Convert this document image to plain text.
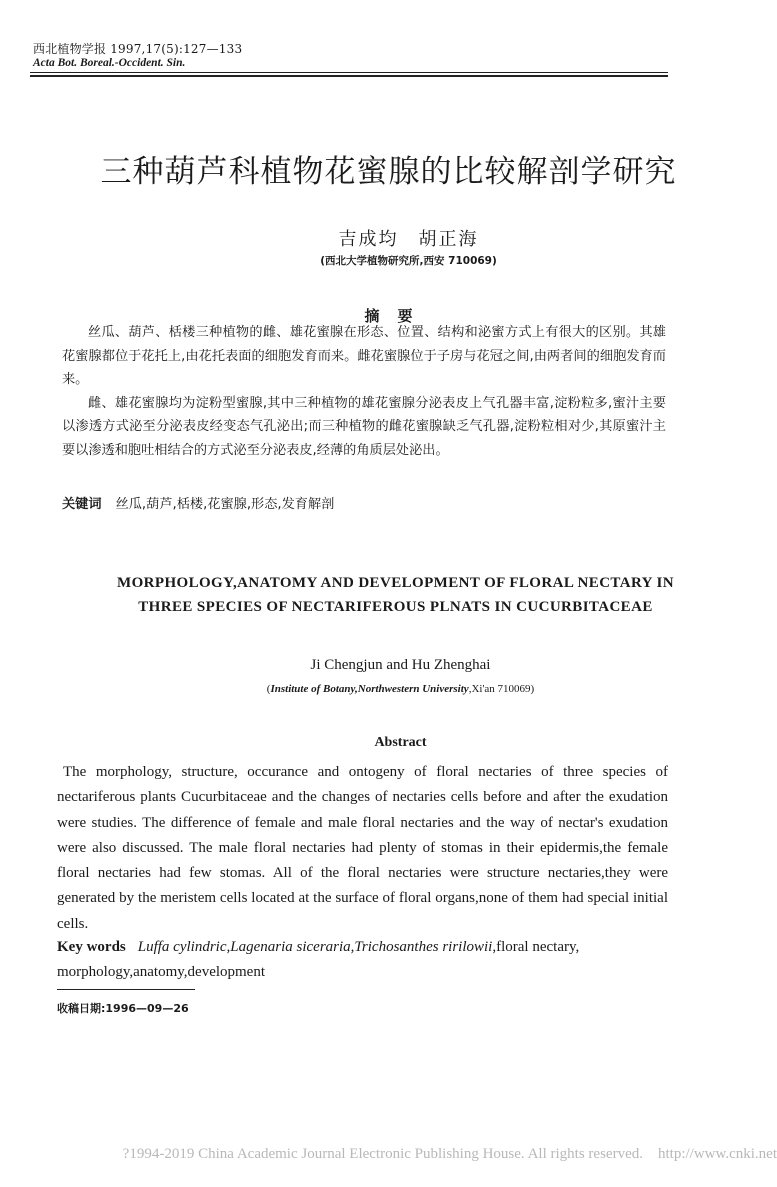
西北植物学报 1997,17(5):127—133
Acta Bot. Boreal.-Occident. Sin.
三种葫芦科植物花蜜腺的比较解剖学研究
吉成均　胡正海
(西北大学植物研究所,西安 710069)
摘要

丝瓜、葫芦、栝楼三种植物的雌、雄花蜜腺在形态、位置、结构和泌蜜方式上有很大的区别。其雄花蜜腺都位于花托上,由花托表面的细胞发育而来。雌花蜜腺位于子房与花冠之间,由两者间的细胞发育而来。

雌、雄花蜜腺均为淀粉型蜜腺,其中三种植物的雄花蜜腺分泌表皮上气孔器丰富,淀粉粒多,蜜汁主要以渗透方式泌至分泌表皮经变态气孔泌出;而三种植物的雌花蜜腺缺乏气孔器,淀粉粒相对少,其原蜜汁主要以渗透和胞吐相结合的方式泌至分泌表皮,经薄的角质层处泌出。

关键词 丝瓜,葫芦,栝楼,花蜜腺,形态,发育解剖
MORPHOLOGY,ANATOMY AND DEVELOPMENT OF FLORAL NECTARY IN
THREE SPECIES OF NECTARIFEROUS PLNATS IN CUCURBITACEAE
Ji Chengjun and Hu Zhenghai
(Institute of Botany,Northwestern University,Xi'an 710069)
Abstract

The morphology, structure, occurance and ontogeny of floral nectaries of three species of nectariferous plants Cucurbitaceae and the changes of nectaries cells before and after the exudation were studies. The difference of female and male floral nectaries and the way of nectar's exudation were also discussed. The male floral nectaries had plenty of stomas in their epidermis,the female floral nectaries had few stomas. All of the floral nectaries were structure nectaries,they were generated by the meristem cells located at the surface of floral organs,none of them had special initial cells.

Key words Luffa cylindric,Lagenaria siceraria,Trichosanthes ririlowii,floral nectary, morphology,anatomy,development
收稿日期:1996—09—26
?1994-2019 China Academic Journal Electronic Publishing House. All rights reserved.　http://www.cnki.net
